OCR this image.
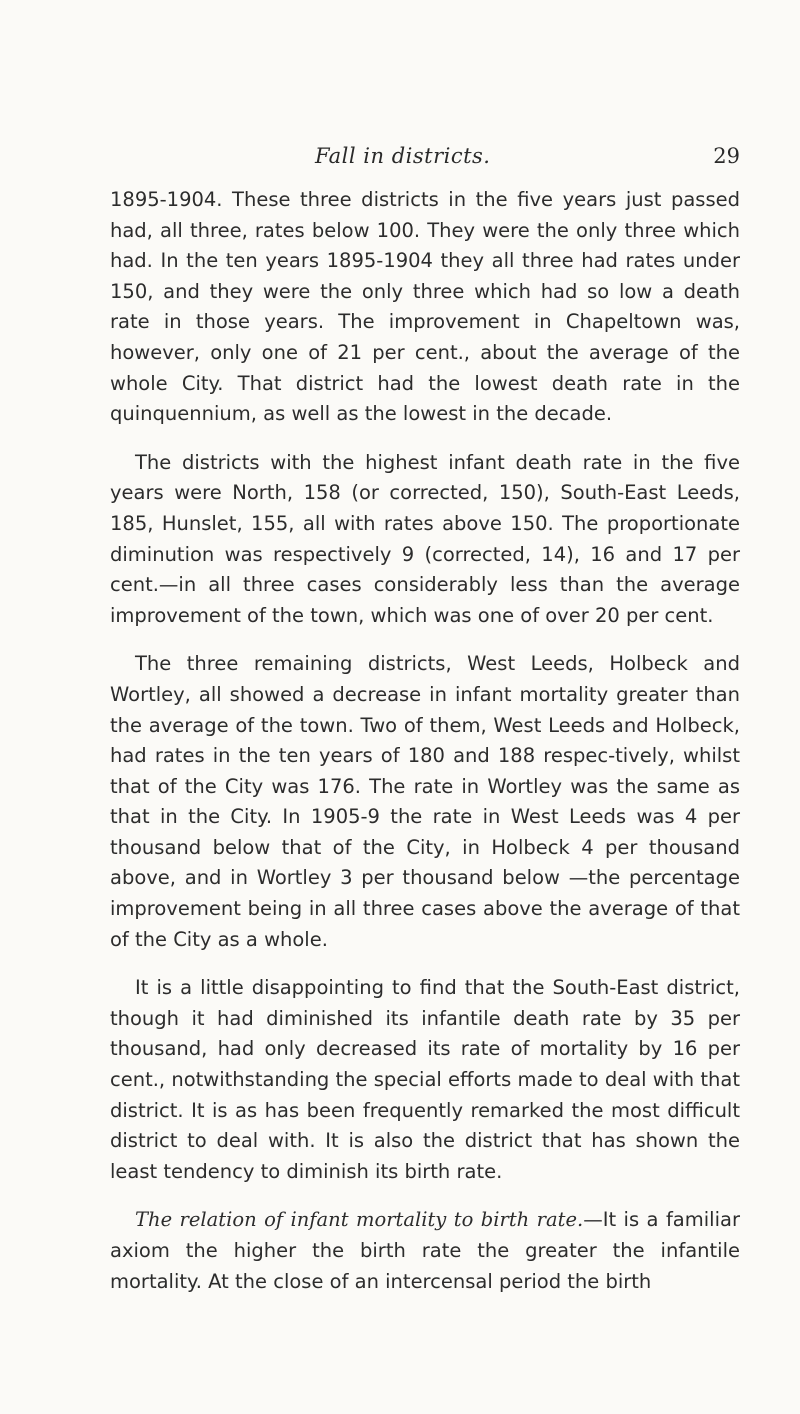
Fall in districts.	29

1895-1904. These three districts in the five years just passed had, all three, rates below 100. They were the only three which had. In the ten years 1895-1904 they all three had rates under 150, and they were the only three which had so low a death rate in those years. The improvement in Chapeltown was, however, only one of 21 per cent., about the average of the whole City. That district had the lowest death rate in the quinquennium, as well as the lowest in the decade.

The districts with the highest infant death rate in the five years were North, 158 (or corrected, 150), South-East Leeds, 185, Hunslet, 155, all with rates above 150. The proportionate diminution was respectively 9 (corrected, 14), 16 and 17 per cent.—in all three cases considerably less than the average improvement of the town, which was one of over 20 per cent.

The three remaining districts, West Leeds, Holbeck and Wortley, all showed a decrease in infant mortality greater than the average of the town. Two of them, West Leeds and Holbeck, had rates in the ten years of 180 and 188 respec-tively, whilst that of the City was 176. The rate in Wortley was the same as that in the City. In 1905-9 the rate in West Leeds was 4 per thousand below that of the City, in Holbeck 4 per thousand above, and in Wortley 3 per thousand below —the percentage improvement being in all three cases above the average of that of the City as a whole.

It is a little disappointing to find that the South-East district, though it had diminished its infantile death rate by 35 per thousand, had only decreased its rate of mortality by 16 per cent., notwithstanding the special efforts made to deal with that district. It is as has been frequently remarked the most difficult district to deal with. It is also the district that has shown the least tendency to diminish its birth rate.

The relation of infant mortality to birth rate.—It is a familiar axiom the higher the birth rate the greater the infantile mortality. At the close of an intercensal period the birth
